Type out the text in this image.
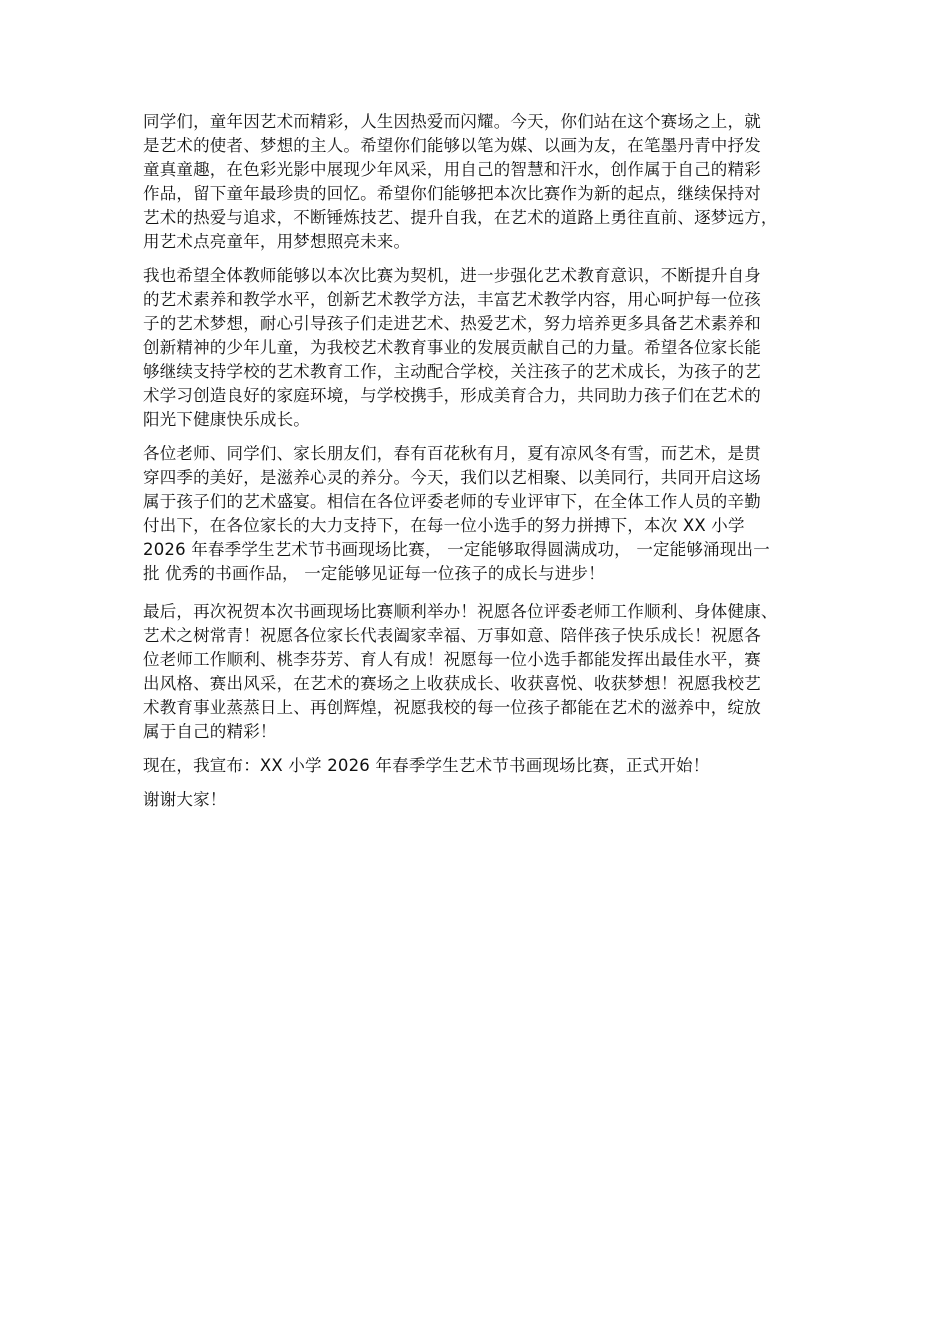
同学们，童年因艺术而精彩，人生因热爱而闪耀。今天，你们站在这个赛场之上，就
是艺术的使者、梦想的主人。希望你们能够以笔为媒、以画为友，在笔墨丹青中抒发
童真童趣，在色彩光影中展现少年风采，用自己的智慧和汗水，创作属于自己的精彩
作品，留下童年最珍贵的回忆。希望你们能够把本次比赛作为新的起点，继续保持对
艺术的热爱与追求，不断锤炼技艺、提升自我，在艺术的道路上勇往直前、逐梦远方，
用艺术点亮童年，用梦想照亮未来。
我也希望全体教师能够以本次比赛为契机，进一步强化艺术教育意识，不断提升自身
的艺术素养和教学水平，创新艺术教学方法，丰富艺术教学内容，用心呵护每一位孩
子的艺术梦想，耐心引导孩子们走进艺术、热爱艺术，努力培养更多具备艺术素养和
创新精神的少年儿童，为我校艺术教育事业的发展贡献自己的力量。希望各位家长能
够继续支持学校的艺术教育工作，主动配合学校，关注孩子的艺术成长，为孩子的艺
术学习创造良好的家庭环境，与学校携手，形成美育合力，共同助力孩子们在艺术的
阳光下健康快乐成长。
各位老师、同学们、家长朋友们，春有百花秋有月，夏有凉风冬有雪，而艺术，是贯
穿四季的美好，是滋养心灵的养分。今天，我们以艺相聚、以美同行，共同开启这场
属于孩子们的艺术盛宴。相信在各位评委老师的专业评审下，在全体工作人员的辛勤
付出下，在各位家长的大力支持下，在每一位小选手的努力拼搏下，本次 XX 小学
2026 年春季学生艺术节书画现场比赛， 一定能够取得圆满成功， 一定能够涌现出一
批 优秀的书画作品， 一定能够见证每一位孩子的成长与进步！
最后，再次祝贺本次书画现场比赛顺利举办！祝愿各位评委老师工作顺利、身体健康、
艺术之树常青！祝愿各位家长代表阖家幸福、万事如意、陪伴孩子快乐成长！祝愿各
位老师工作顺利、桃李芬芳、育人有成！祝愿每一位小选手都能发挥出最佳水平，赛
出风格、赛出风采，在艺术的赛场之上收获成长、收获喜悦、收获梦想！祝愿我校艺
术教育事业蒸蒸日上、再创辉煌，祝愿我校的每一位孩子都能在艺术的滋养中，绽放
属于自己的精彩！
现在，我宣布：XX 小学 2026 年春季学生艺术节书画现场比赛，正式开始！
谢谢大家！
